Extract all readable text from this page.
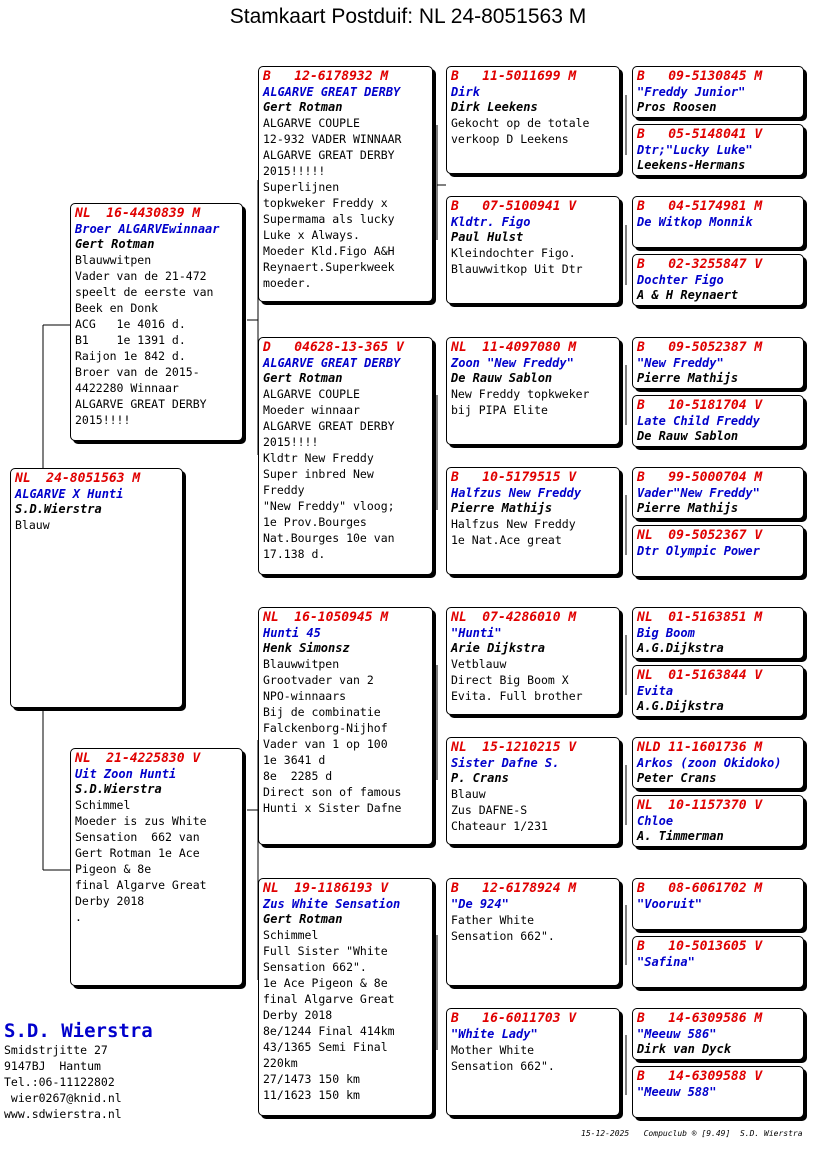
Stamkaart Postduif: NL 24-8051563 M
NL  24-8051563 M
ALGARVE X Hunti
S.D.Wierstra
Blauw
NL  16-4430839 M
Broer ALGARVEwinnaar
Gert Rotman
Blauwwitpen
Vader van de 21-472
speelt de eerste van
Beek en Donk
ACG   1e 4016 d.
B1    1e 1391 d.
Raijon 1e 842 d.
Broer van de 2015-
4422280 Winnaar
ALGARVE GREAT DERBY
2015!!!!
NL  21-4225830 V
Uit Zoon Hunti
S.D.Wierstra
Schimmel
Moeder is zus White
Sensation  662 van
Gert Rotman 1e Ace
Pigeon & 8e
final Algarve Great
Derby 2018
.
B   12-6178932 M
ALGARVE GREAT DERBY
Gert Rotman
ALGARVE COUPLE
12-932 VADER WINNAAR
ALGARVE GREAT DERBY
2015!!!!!
Superlijnen
topkweker Freddy x
Supermama als lucky
Luke x Always.
Moeder Kld.Figo A&H
Reynaert.Superkweek
moeder.
D   04628-13-365 V
ALGARVE GREAT DERBY
Gert Rotman
ALGARVE COUPLE
Moeder winnaar
ALGARVE GREAT DERBY
2015!!!!
Kldtr New Freddy
Super inbred New
Freddy
"New Freddy" vloog;
1e Prov.Bourges
Nat.Bourges 10e van
17.138 d.
NL  16-1050945 M
Hunti 45
Henk Simonsz
Blauwwitpen
Grootvader van 2
NPO-winnaars
Bij de combinatie
Falckenborg-Nijhof
Vader van 1 op 100
1e 3641 d
8e  2285 d
Direct son of famous
Hunti x Sister Dafne
NL  19-1186193 V
Zus White Sensation
Gert Rotman
Schimmel
Full Sister "White
Sensation 662".
1e Ace Pigeon & 8e
final Algarve Great
Derby 2018
8e/1244 Final 414km
43/1365 Semi Final
220km
27/1473 150 km
11/1623 150 km
B   11-5011699 M
Dirk
Dirk Leekens
Gekocht op de totale
verkoop D Leekens
B   07-5100941 V
Kldtr. Figo
Paul Hulst
Kleindochter Figo.
Blauwwitkop Uit Dtr
NL  11-4097080 M
Zoon "New Freddy"
De Rauw Sablon
New Freddy topkweker
bij PIPA Elite
B   10-5179515 V
Halfzus New Freddy
Pierre Mathijs
Halfzus New Freddy
1e Nat.Ace great
NL  07-4286010 M
"Hunti"
Arie Dijkstra
Vetblauw
Direct Big Boom X
Evita. Full brother
NL  15-1210215 V
Sister Dafne S.
P. Crans
Blauw
Zus DAFNE-S
Chateaur 1/231
B   12-6178924 M
"De 924"
Father White
Sensation 662".
B   16-6011703 V
"White Lady"
Mother White
Sensation 662".
B   09-5130845 M
"Freddy Junior"
Pros Roosen
B   05-5148041 V
Dtr;"Lucky Luke"
Leekens-Hermans
B   04-5174981 M
De Witkop Monnik
B   02-3255847 V
Dochter Figo
A & H Reynaert
B   09-5052387 M
"New Freddy"
Pierre Mathijs
B   10-5181704 V
Late Child Freddy
De Rauw Sablon
B   99-5000704 M
Vader"New Freddy"
Pierre Mathijs
NL  09-5052367 V
Dtr Olympic Power
NL  01-5163851 M
Big Boom
A.G.Dijkstra
NL  01-5163844 V
Evita
A.G.Dijkstra
NLD 11-1601736 M
Arkos (zoon Okidoko)
Peter Crans
NL  10-1157370 V
Chloe
A. Timmerman
B   08-6061702 M
"Vooruit"
B   10-5013605 V
"Safina"
B   14-6309586 M
"Meeuw 586"
Dirk van Dyck
B   14-6309588 V
"Meeuw 588"
S.D. Wierstra
Smidstrjitte 27
9147BJ  Hantum
Tel.:06-11122802
wier0267@knid.nl
www.sdwierstra.nl
15-12-2025   Compuclub ® [9.49]  S.D. Wierstra
